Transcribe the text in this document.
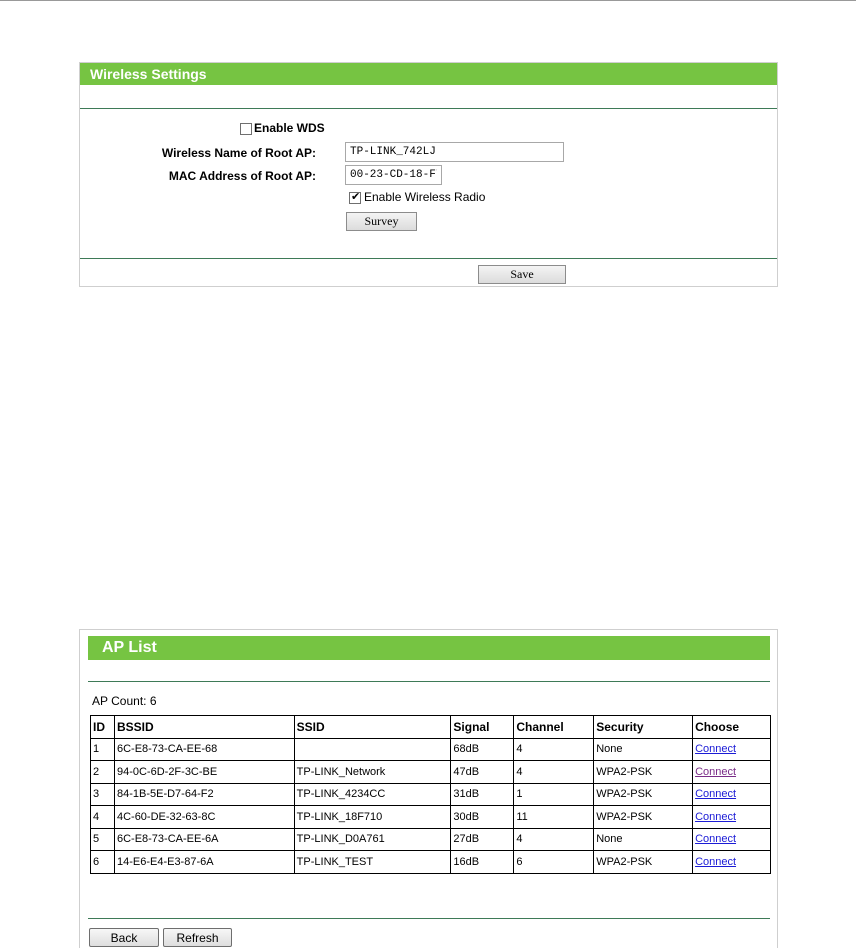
Wireless Settings
Enable WDS
Wireless Name of Root AP:
TP-LINK_742LJ
MAC Address of Root AP:
00-23-CD-18-F7-B6
✔
Enable Wireless Radio
Survey
Save
AP List
AP Count: 6
ID	BSSID	SSID	Signal	Channel	Security	Choose
1	6C-E8-73-CA-EE-68		68dB	4	None	Connect
2	94-0C-6D-2F-3C-BE	TP-LINK_Network	47dB	4	WPA2-PSK	Connect
3	84-1B-5E-D7-64-F2	TP-LINK_4234CC	31dB	1	WPA2-PSK	Connect
4	4C-60-DE-32-63-8C	TP-LINK_18F710	30dB	11	WPA2-PSK	Connect
5	6C-E8-73-CA-EE-6A	TP-LINK_D0A761	27dB	4	None	Connect
6	14-E6-E4-E3-87-6A	TP-LINK_TEST	16dB	6	WPA2-PSK	Connect
Back	Refresh
